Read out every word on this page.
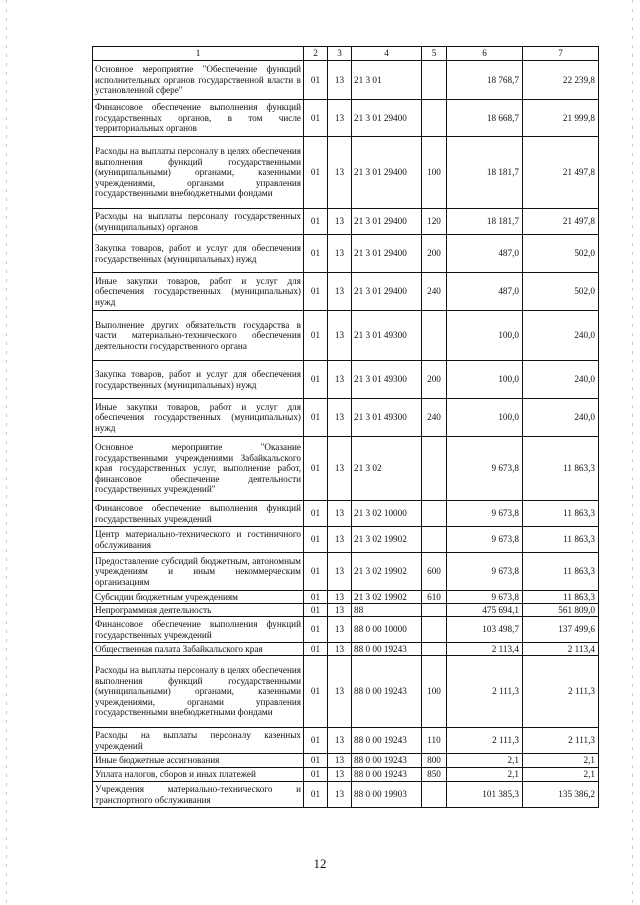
1	2	3	4	5	6	7
Основное мероприятие "Обеспечение функций исполнительных органов государственной власти в установленной сфере"	01	13	21 3 01		18 768,7	22 239,8
Финансовое обеспечение выполнения функций государственных органов, в том числе территориальных органов	01	13	21 3 01 29400		18 668,7	21 999,8
Расходы на выплаты персоналу в целях обеспечения выполнения функций государственными (муниципальными) органами, казенными учреждениями, органами управления государственными внебюджетными фондами	01	13	21 3 01 29400	100	18 181,7	21 497,8
Расходы на выплаты персоналу государственных (муниципальных) органов	01	13	21 3 01 29400	120	18 181,7	21 497,8
Закупка товаров, работ и услуг для обеспечения государственных (муниципальных) нужд	01	13	21 3 01 29400	200	487,0	502,0
Иные закупки товаров, работ и услуг для обеспечения государственных (муниципальных) нужд	01	13	21 3 01 29400	240	487,0	502,0
Выполнение других обязательств государства в части материально-технического обеспечения деятельности государственного органа	01	13	21 3 01 49300		100,0	240,0
Закупка товаров, работ и услуг для обеспечения государственных (муниципальных) нужд	01	13	21 3 01 49300	200	100,0	240,0
Иные закупки товаров, работ и услуг для обеспечения государственных (муниципальных) нужд	01	13	21 3 01 49300	240	100,0	240,0
Основное мероприятие "Оказание государственными учреждениями Забайкальского края государственных услуг, выполнение работ, финансовое обеспечение деятельности государственных учреждений"	01	13	21 3 02		9 673,8	11 863,3
Финансовое обеспечение выполнения функций государственных учреждений	01	13	21 3 02 10000		9 673,8	11 863,3
Центр материально-технического и гостиничного обслуживания	01	13	21 3 02 19902		9 673,8	11 863,3
Предоставление субсидий бюджетным, автономным учреждениям и иным некоммерческим организациям	01	13	21 3 02 19902	600	9 673,8	11 863,3
Субсидии бюджетным учреждениям	01	13	21 3 02 19902	610	9 673,8	11 863,3
Непрограммная деятельность	01	13	88		475 694,1	561 809,0
Финансовое обеспечение выполнения функций государственных учреждений	01	13	88 0 00 10000		103 498,7	137 499,6
Общественная палата Забайкальского края	01	13	88 0 00 19243		2 113,4	2 113,4
Расходы на выплаты персоналу в целях обеспечения выполнения функций государственными (муниципальными) органами, казенными учреждениями, органами управления государственными внебюджетными фондами	01	13	88 0 00 19243	100	2 111,3	2 111,3
Расходы на выплаты персоналу казенных учреждений	01	13	88 0 00 19243	110	2 111,3	2 111,3
Иные бюджетные ассигнования	01	13	88 0 00 19243	800	2,1	2,1
Уплата налогов, сборов и иных платежей	01	13	88 0 00 19243	850	2,1	2,1
Учреждения материально-технического и транспортного обслуживания	01	13	88 0 00 19903		101 385,3	135 386,2
12
